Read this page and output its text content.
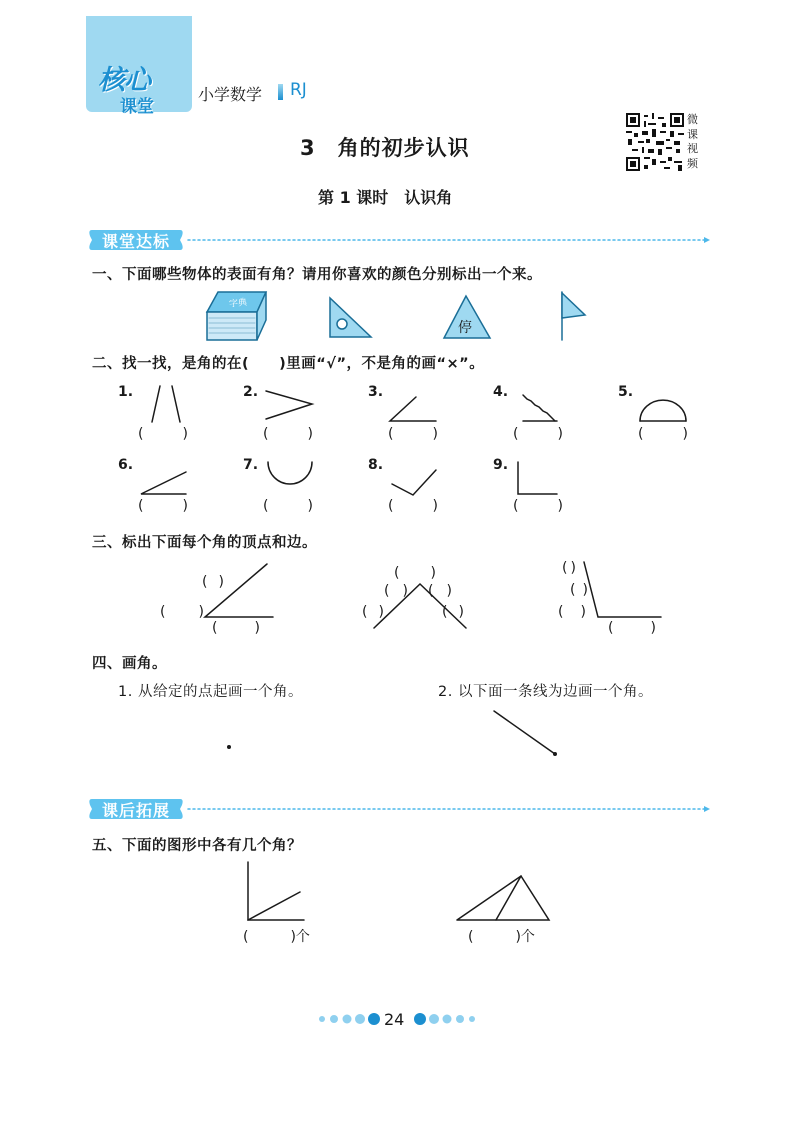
核心
课堂
小学数学 RJ
3　角的初步认识
第 1 课时　认识角
微课视频
课堂达标
一、下面哪些物体的表面有角？请用你喜欢的颜色分别标出一个来。
二、找一找，是角的在(　　)里画“√”，不是角的画“×”。
1.	2.	3.	4.	5.
6.	7.	8.	9.
(	)	(	)	(	)	(	)	(	)
(	)	(	)	(	)	(	)
三、标出下面每个角的顶点和边。
( )
( )
(	)
( )
( ) ( )
( )	( )
( )
( )
( )
(	)
四、画角。
1. 从给定的点起画一个角。	2. 以下面一条线为边画一个角。
课后拓展
五、下面的图形中各有几个角？
(　　　)个	(　　　)个
24
字典
停
